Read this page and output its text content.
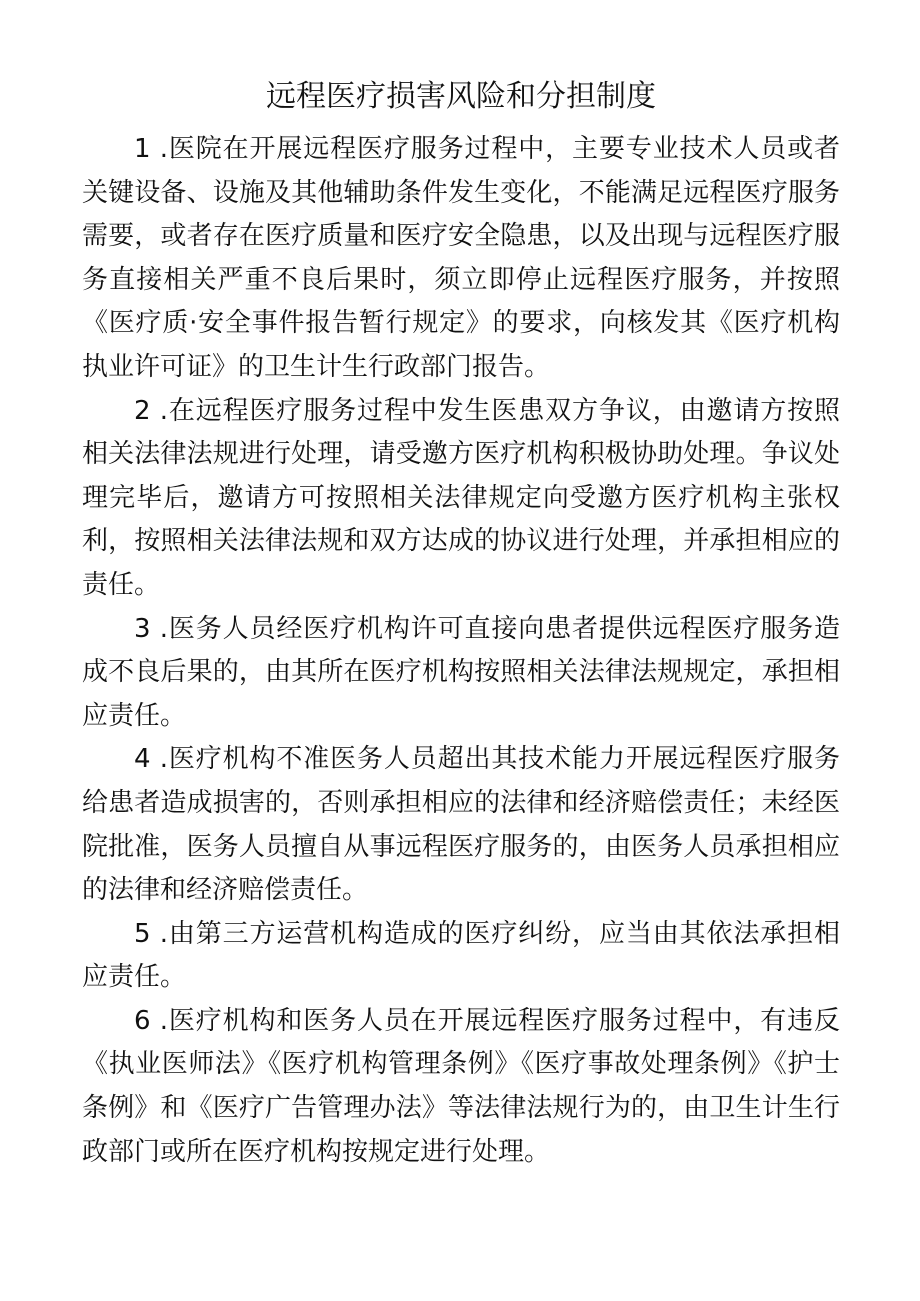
远程医疗损害风险和分担制度

1 .医院在开展远程医疗服务过程中，主要专业技术人员或者关键设备、设施及其他辅助条件发生变化，不能满足远程医疗服务需要，或者存在医疗质量和医疗安全隐患，以及出现与远程医疗服务直接相关严重不良后果时，须立即停止远程医疗服务，并按照《医疗质·安全事件报告暂行规定》的要求，向核发其《医疗机构执业许可证》的卫生计生行政部门报告。

2 .在远程医疗服务过程中发生医患双方争议，由邀请方按照相关法律法规进行处理，请受邀方医疗机构积极协助处理。争议处理完毕后，邀请方可按照相关法律规定向受邀方医疗机构主张权利，按照相关法律法规和双方达成的协议进行处理，并承担相应的责任。

3 .医务人员经医疗机构许可直接向患者提供远程医疗服务造成不良后果的，由其所在医疗机构按照相关法律法规规定，承担相应责任。

4 .医疗机构不准医务人员超出其技术能力开展远程医疗服务给患者造成损害的，否则承担相应的法律和经济赔偿责任；未经医院批准，医务人员擅自从事远程医疗服务的，由医务人员承担相应的法律和经济赔偿责任。

5 .由第三方运营机构造成的医疗纠纷，应当由其依法承担相应责任。

6 .医疗机构和医务人员在开展远程医疗服务过程中，有违反《执业医师法》《医疗机构管理条例》《医疗事故处理条例》《护士条例》和《医疗广告管理办法》等法律法规行为的，由卫生计生行政部门或所在医疗机构按规定进行处理。
